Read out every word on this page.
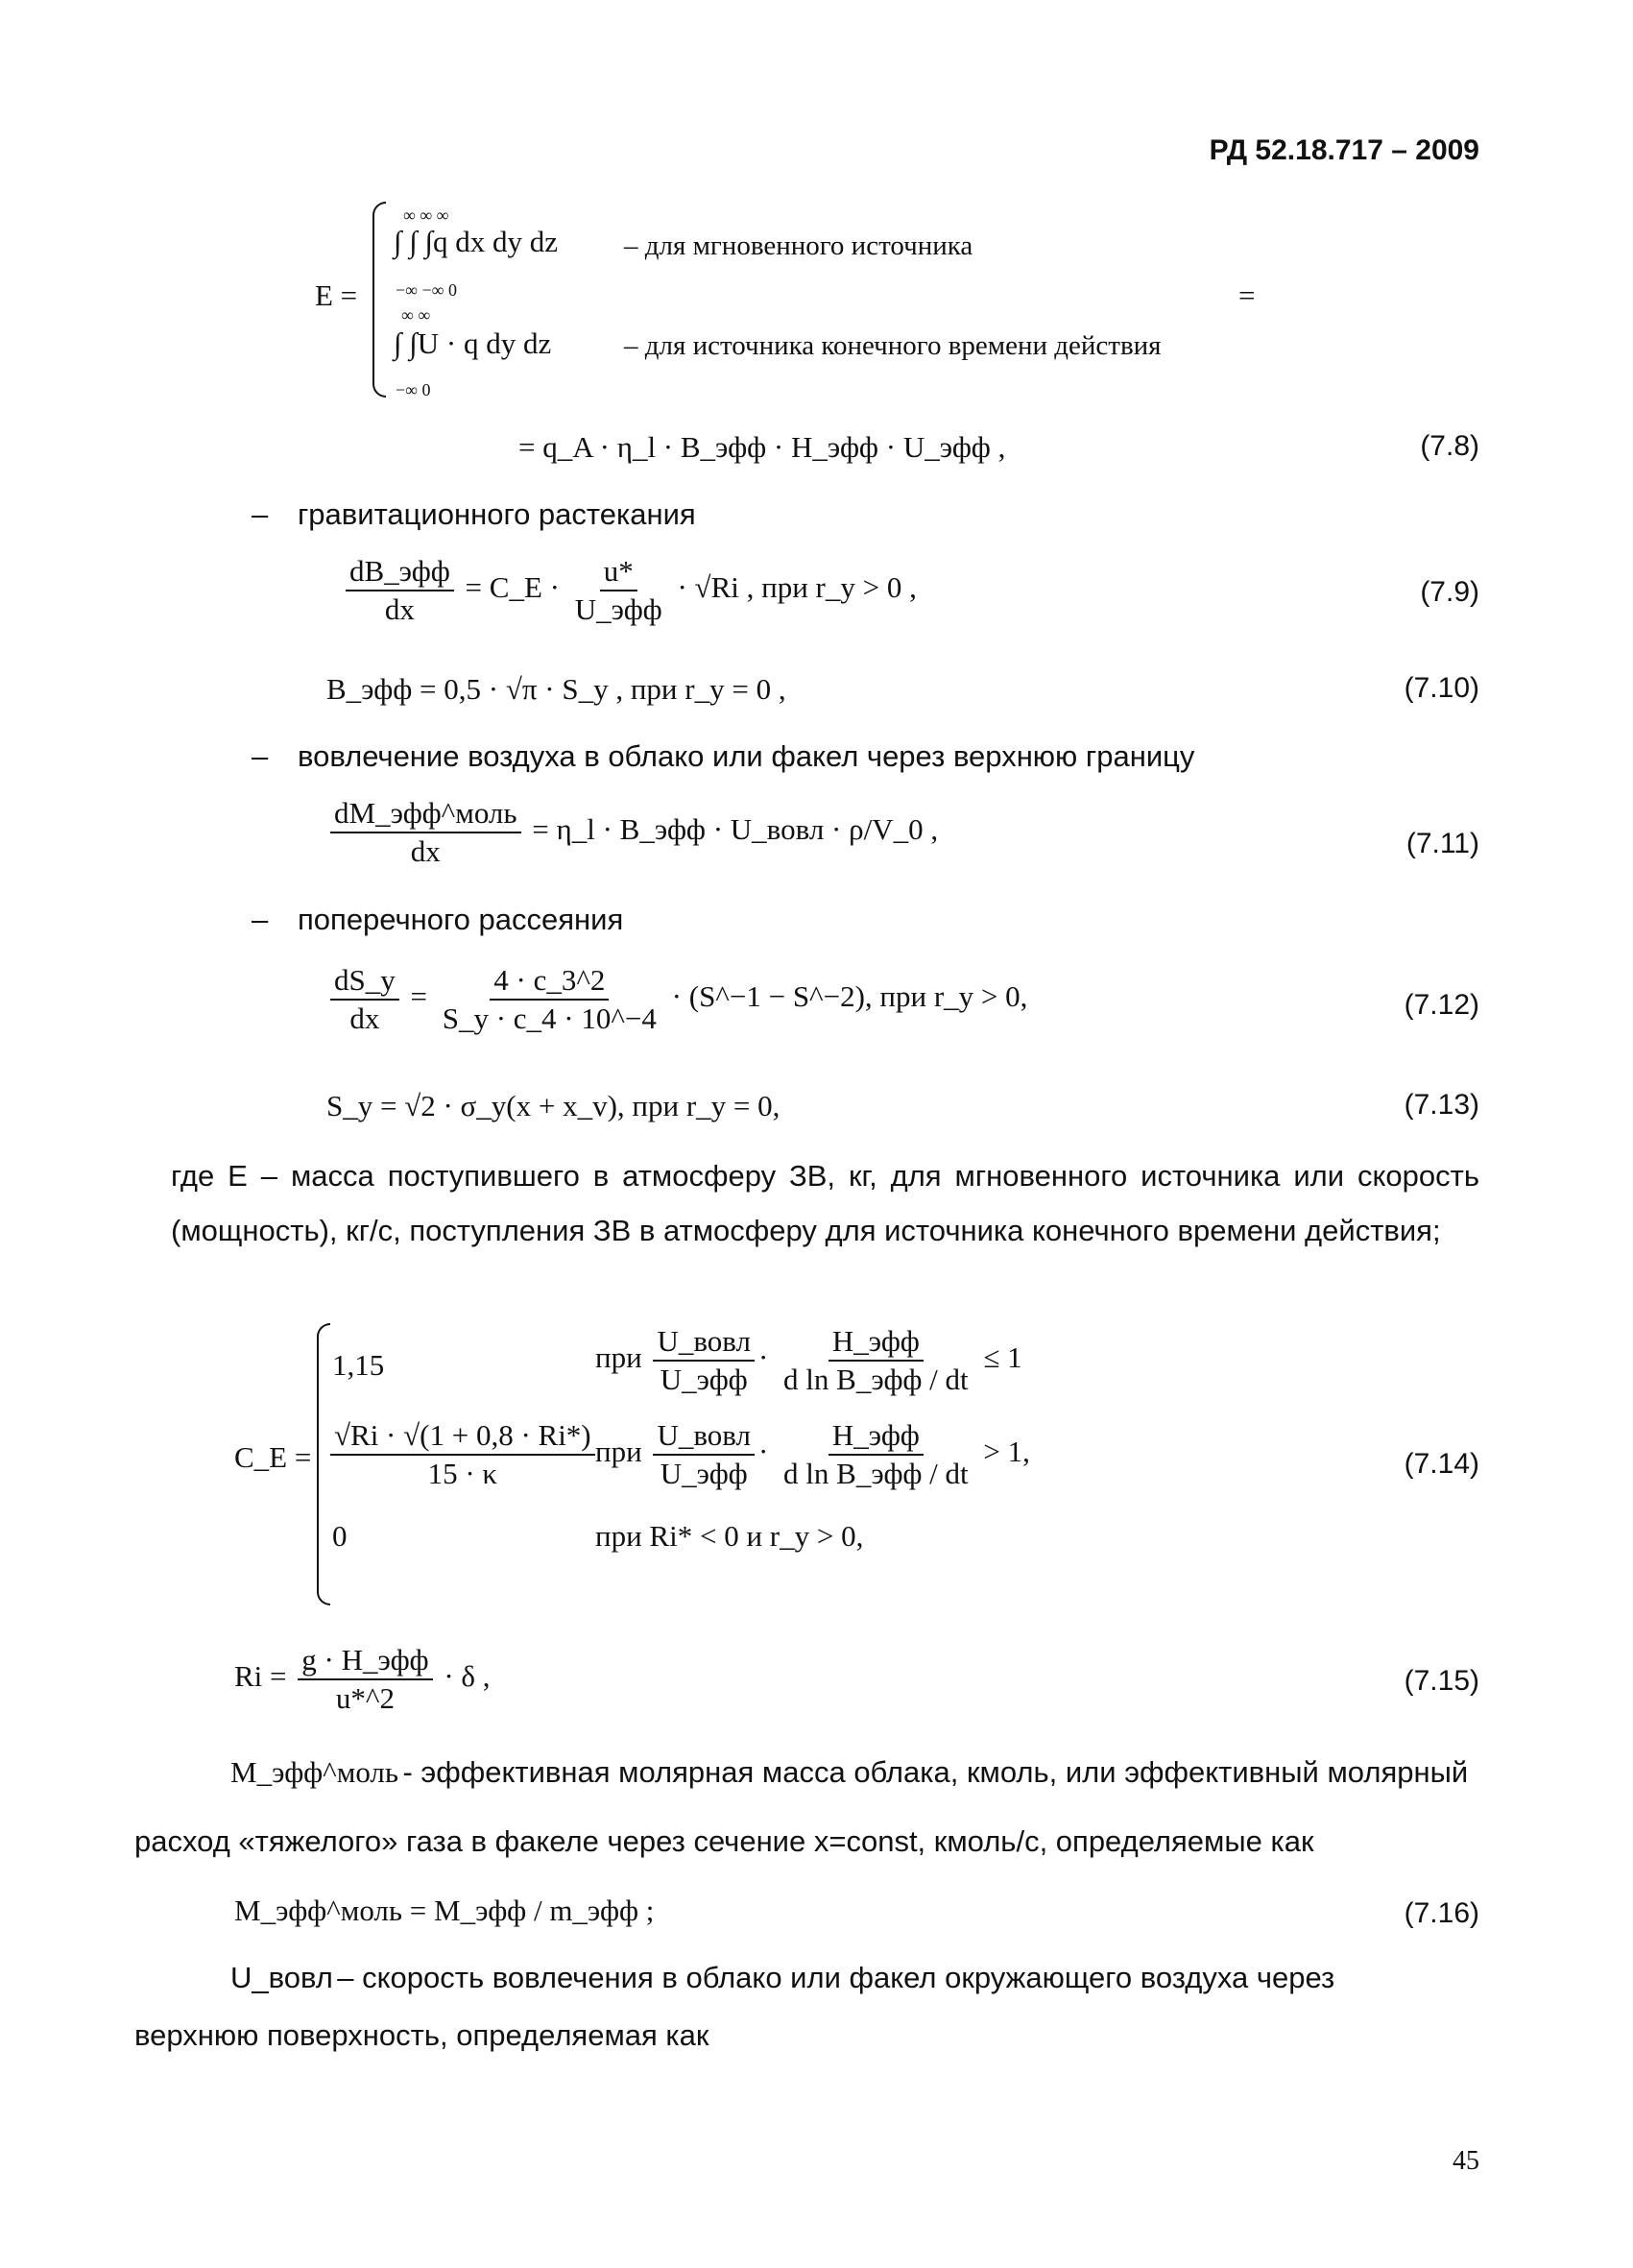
РД 52.18.717 – 2009
E =
∞ ∞ ∞
∫ ∫ ∫q dx dy dz
−∞ −∞ 0
– для мгновенного источника
∞ ∞
∫ ∫U · q dy dz
−∞ 0
– для источника конечного времени действия
=
= q_A · η_l · B_эфф · H_эфф · U_эфф ,	(7.8)
– гравитационного растекания
$\frac{\text{dB\_эфф}}{dx}$ = C_E · $\frac{u*}{\text{U\_эфф}} \cdot √Ri$ , при r_y > 0 ,	(7.9)
B_эфф = 0,5 · √π · S_y , при r_y = 0 ,	(7.10)
– вовлечение воздуха в облако или факел через верхнюю границу
$\frac{\text{dM\_эфф\textasciicircum{}моль}}{dx}$ = η_l · B_эфф · U_вовл · ρ/V_0 ,	(7.11)
– поперечного рассеяния
$\frac{dS\_y}{dx} = \frac{4 \cdot c\_3\^{}2}{S\_y \cdot c\_4 \cdot 10\^{}-4}$ · (S^−1 − S^−2), при r_y > 0,	(7.12)
S_y = √2 · σ_y(x + x_v), при r_y = 0,	(7.13)
где E – масса поступившего в атмосферу ЗВ, кг, для мгновенного источника или скорость (мощность), кг/с, поступления ЗВ в атмосферу для источника конечного времени действия;
C_E =
1,15	при $\frac{\text{U\_вовл}}{\text{U\_эфф}} \cdot \frac{\text{H\_эфф}}{\text{d ln B\_эфф / dt}} \le 1$
$\frac{√Ri \cdot √(1 + 0,8 \cdot Ri*)}{15 \cdot \kappa}$ при $\frac{\text{U\_вовл}}{\text{U\_эфф}} \cdot \frac{\text{H\_эфф}}{\text{d ln B\_эфф / dt}} > 1$,
0	при Ri* < 0 и r_y > 0,
(7.14)
$Ri = \frac{\text{g · H\_эфф}}{u*\^{}2} \cdot \delta$ ,	(7.15)
M_эфф^моль - эффективная молярная масса облака, кмоль, или эффективный молярный
расход «тяжелого» газа в факеле через сечение x=const, кмоль/с, определяемые как
M_эфф^моль = M_эфф / m_эфф ;	(7.16)
U_вовл – скорость вовлечения в облако или факел окружающего воздуха через
верхнюю поверхность, определяемая как
45
